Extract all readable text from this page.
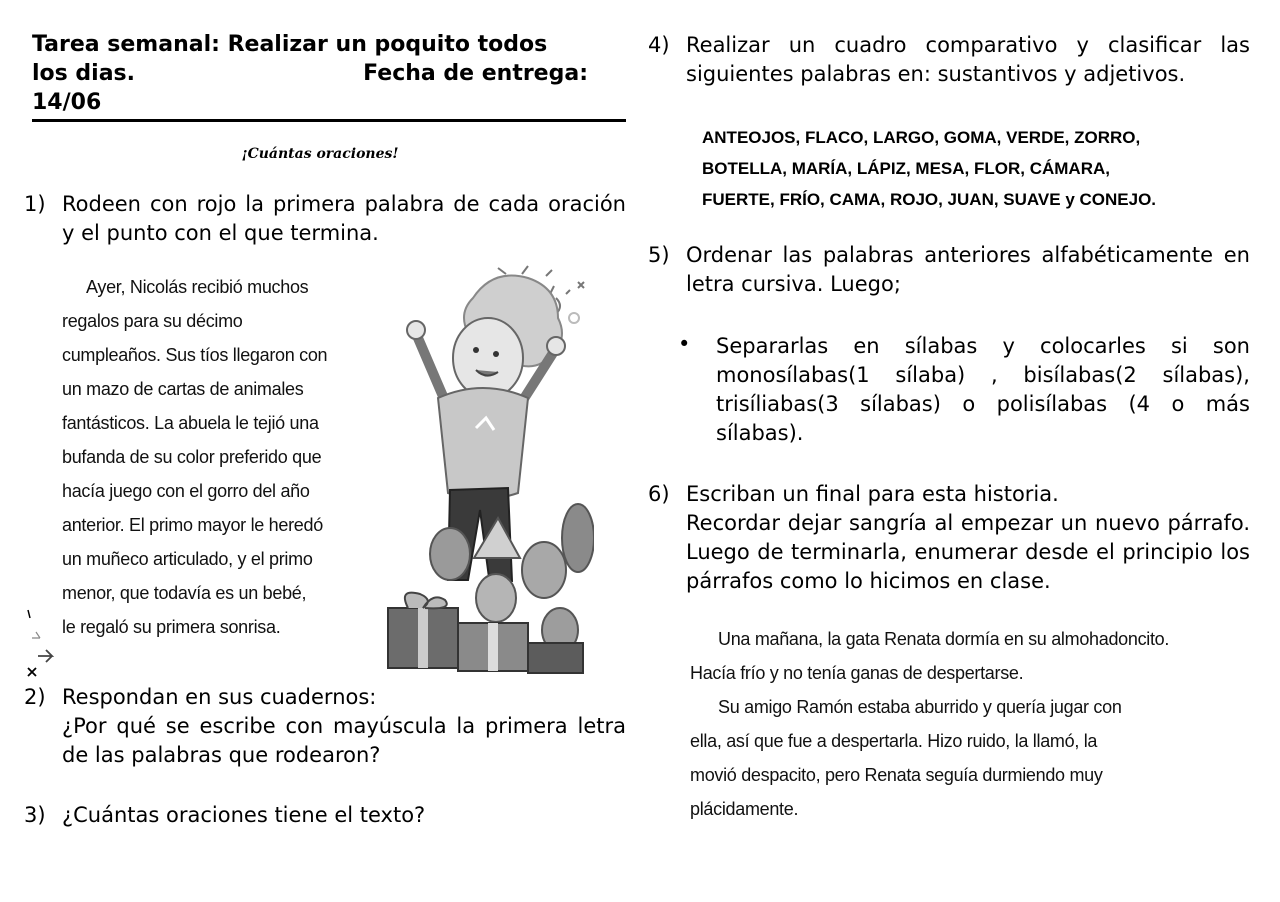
Tarea semanal: Realizar un poquito todos
los dias.	Fecha de entrega:
14/06
¡Cuántas oraciones!
1) Rodeen con rojo la primera palabra de cada oración y el punto con el que termina.
Ayer, Nicolás recibió muchos
regalos para su décimo
cumpleaños. Sus tíos llegaron con
un mazo de cartas de animales
fantásticos. La abuela le tejió una
bufanda de su color preferido que
hacía juego con el gorro del año
anterior. El primo mayor le heredó
un muñeco articulado, y el primo
menor, que todavía es un bebé,
le regaló su primera sonrisa.
2) Respondan en sus cuadernos:
¿Por qué se escribe con mayúscula la primera letra de las palabras que rodearon?
3) ¿Cuántas oraciones tiene el texto?
4) Realizar un cuadro comparativo y clasificar las siguientes palabras en: sustantivos y adjetivos.
ANTEOJOS, FLACO, LARGO, GOMA, VERDE, ZORRO,
BOTELLA, MARÍA, LÁPIZ, MESA, FLOR, CÁMARA,
FUERTE, FRÍO, CAMA, ROJO, JUAN, SUAVE y CONEJO.
5) Ordenar las palabras anteriores alfabéticamente en letra cursiva. Luego;
• Separarlas en sílabas y colocarles si son monosílabas(1 sílaba) , bisílabas(2 sílabas), trisíliabas(3 sílabas) o polisílabas (4 o más sílabas).
6) Escriban un final para esta historia.
Recordar dejar sangría al empezar un nuevo párrafo. Luego de terminarla, enumerar desde el principio los párrafos como lo hicimos en clase.
Una mañana, la gata Renata dormía en su almohadoncito.
Hacía frío y no tenía ganas de despertarse.
Su amigo Ramón estaba aburrido y quería jugar con
ella, así que fue a despertarla. Hizo ruido, la llamó, la
movió despacito, pero Renata seguía durmiendo muy
plácidamente.
